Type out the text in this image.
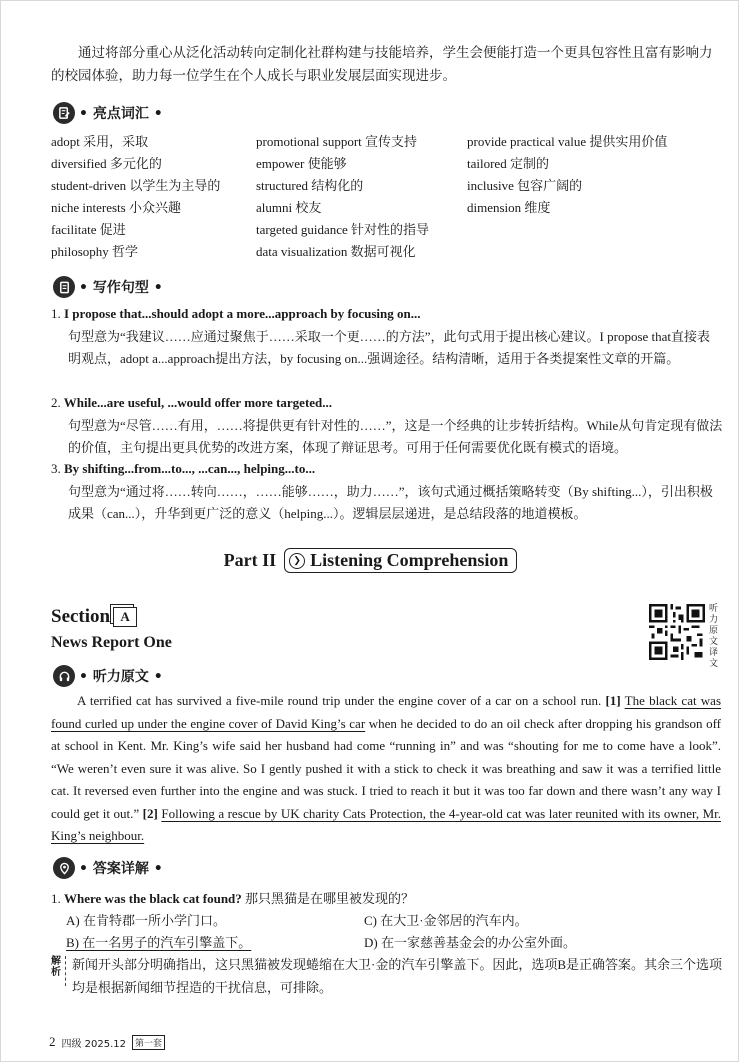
通过将部分重心从泛化活动转向定制化社群构建与技能培养，学生会便能打造一个更具包容性且富有影响力的校园体验，助力每一位学生在个人成长与职业发展层面实现进步。

• 亮点词汇 •
adopt 采用，采取	promotional support 宣传支持	provide practical value 提供实用价值
diversified 多元化的	empower 使能够	tailored 定制的
student-driven 以学生为主导的	structured 结构化的	inclusive 包容广阔的
niche interests 小众兴趣	alumni 校友	dimension 维度
facilitate 促进	targeted guidance 针对性的指导
philosophy 哲学	data visualization 数据可视化
• 写作句型 •
1. I propose that...should adopt a more...approach by focusing on...
句型意为“我建议……应通过聚焦于……采取一个更……的方法”，此句式用于提出核心建议。I propose that直接表明观点，adopt a...approach提出方法，by focusing on...强调途径。结构清晰，适用于各类提案性文章的开篇。
2. While...are useful, ...would offer more targeted...
句型意为“尽管……有用，……将提供更有针对性的……”，这是一个经典的让步转折结构。While从句肯定现有做法的价值，主句提出更具优势的改进方案，体现了辩证思考。可用于任何需要优化既有模式的语境。
3. By shifting...from...to..., ...can..., helping...to...
句型意为“通过将……转向……，……能够……，助力……”，该句式通过概括策略转变（By shifting...），引出积极成果（can...），升华到更广泛的意义（helping...）。逻辑层层递进，是总结段落的地道模板。
Part II	❯ Listening Comprehension
Section A
News Report One
听力原文译文
• 听力原文 •

A terrified cat has survived a five-mile round trip under the engine cover of a car on a school run. [1] The black cat was found curled up under the engine cover of David King’s car when he decided to do an oil check after dropping his grandson off at school in Kent. Mr. King’s wife said her husband had come “running in” and was “shouting for me to come have a look”. “We weren’t even sure it was alive. So I gently pushed it with a stick to check it was breathing and saw it was a terrified little cat. It reversed even further into the engine and was stuck. I tried to reach it but it was too far down and there wasn’t any way I could get it out.” [2] Following a rescue by UK charity Cats Protection, the 4-year-old cat was later reunited with its owner, Mr. King’s neighbour.

• 答案详解 •
1. Where was the black cat found? 那只黑猫是在哪里被发现的？
A) 在肯特郡一所小学门口。	C) 在大卫·金邻居的汽车内。
B) 在一名男子的汽车引擎盖下。	D) 在一家慈善基金会的办公室外面。
解析
新闻开头部分明确指出，这只黑猫被发现蜷缩在大卫·金的汽车引擎盖下。因此，选项B是正确答案。其余三个选项均是根据新闻细节捏造的干扰信息，可排除。
2 四级 2025.12	第一套
